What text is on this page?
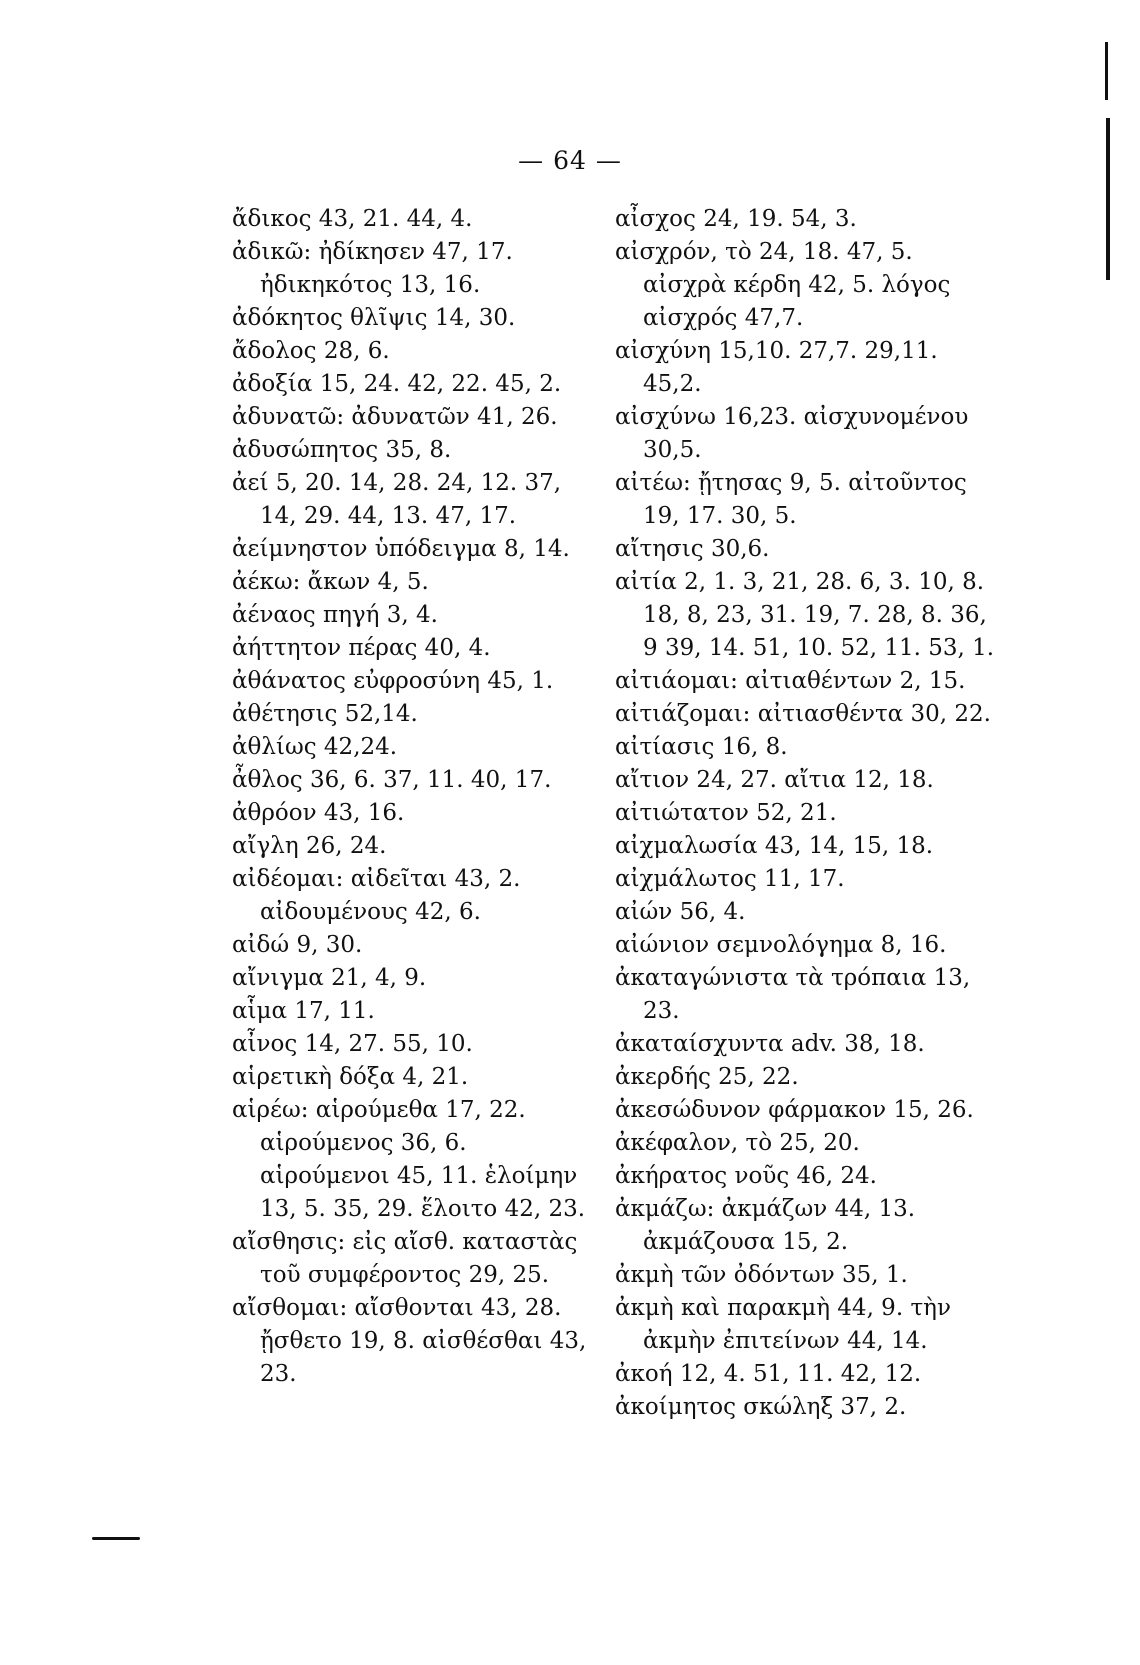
— 64 —

ἄδικος 43, 21. 44, 4.

ἀδικῶ: ἠδίκησεν 47, 17. ἠδικηκότος 13, 16.

ἀδόκητος θλῖψις 14, 30.

ἄδολος 28, 6.

ἀδοξία 15, 24. 42, 22. 45, 2.

ἀδυνατῶ: ἀδυνατῶν 41, 26.

ἀδυσώπητος 35, 8.

ἀεί 5, 20. 14, 28. 24, 12. 37, 14, 29. 44, 13. 47, 17.

ἀείμνηστον ὑπόδειγμα 8, 14.

ἀέκω: ἄκων 4, 5.

ἀέναος πηγή 3, 4.

ἀήττητον πέρας 40, 4.

ἀθάνατος εὐφροσύνη 45, 1.

ἀθέτησις 52,14.

ἀθλίως 42,24.

ἆθλος 36, 6. 37, 11. 40, 17.

ἀθρόον 43, 16.

αἴγλη 26, 24.

αἰδέομαι: αἰδεῖται 43, 2. αἰδουμένους 42, 6.

αἰδώ 9, 30.

αἴνιγμα 21, 4, 9.

αἷμα 17, 11.

αἶνος 14, 27. 55, 10.

αἱρετικὴ δόξα 4, 21.

αἱρέω: αἱρούμεθα 17, 22. αἱρούμενος 36, 6. αἱρούμενοι 45, 11. ἑλοίμην 13, 5. 35, 29. ἕλοιτο 42, 23.

αἴσθησις: εἰς αἴσθ. καταστὰς τοῦ συμφέροντος 29, 25.

αἴσθομαι: αἴσθονται 43, 28. ᾔσθετο 19, 8. αἰσθέσθαι 43, 23.

αἶσχος 24, 19. 54, 3.

αἰσχρόν, τὸ 24, 18. 47, 5. αἰσχρὰ κέρδη 42, 5. λόγος αἰσχρός 47,7.

αἰσχύνη 15,10. 27,7. 29,11. 45,2.

αἰσχύνω 16,23. αἰσχυνομένου 30,5.

αἰτέω: ᾔτησας 9, 5. αἰτοῦντος 19, 17. 30, 5.

αἴτησις 30,6.

αἰτία 2, 1. 3, 21, 28. 6, 3. 10, 8. 18, 8, 23, 31. 19, 7. 28, 8. 36, 9 39, 14. 51, 10. 52, 11. 53, 1.

αἰτιάομαι: αἰτιαθέντων 2, 15.

αἰτιάζομαι: αἰτιασθέντα 30, 22.

αἰτίασις 16, 8.

αἴτιον 24, 27. αἴτια 12, 18.

αἰτιώτατον 52, 21.

αἰχμαλωσία 43, 14, 15, 18.

αἰχμάλωτος 11, 17.

αἰών 56, 4.

αἰώνιον σεμνολόγημα 8, 16.

ἀκαταγώνιστα τὰ τρόπαια 13, 23.

ἀκαταίσχυντα adv. 38, 18.

ἀκερδής 25, 22.

ἀκεσώδυνον φάρμακον 15, 26.

ἀκέφαλον, τὸ 25, 20.

ἀκήρατος νοῦς 46, 24.

ἀκμάζω: ἀκμάζων 44, 13. ἀκμάζουσα 15, 2.

ἀκμὴ τῶν ὀδόντων 35, 1.

ἀκμὴ καὶ παρακμὴ 44, 9. τὴν ἀκμὴν ἐπιτείνων 44, 14.

ἀκοή 12, 4. 51, 11. 42, 12.

ἀκοίμητος σκώληξ 37, 2.
